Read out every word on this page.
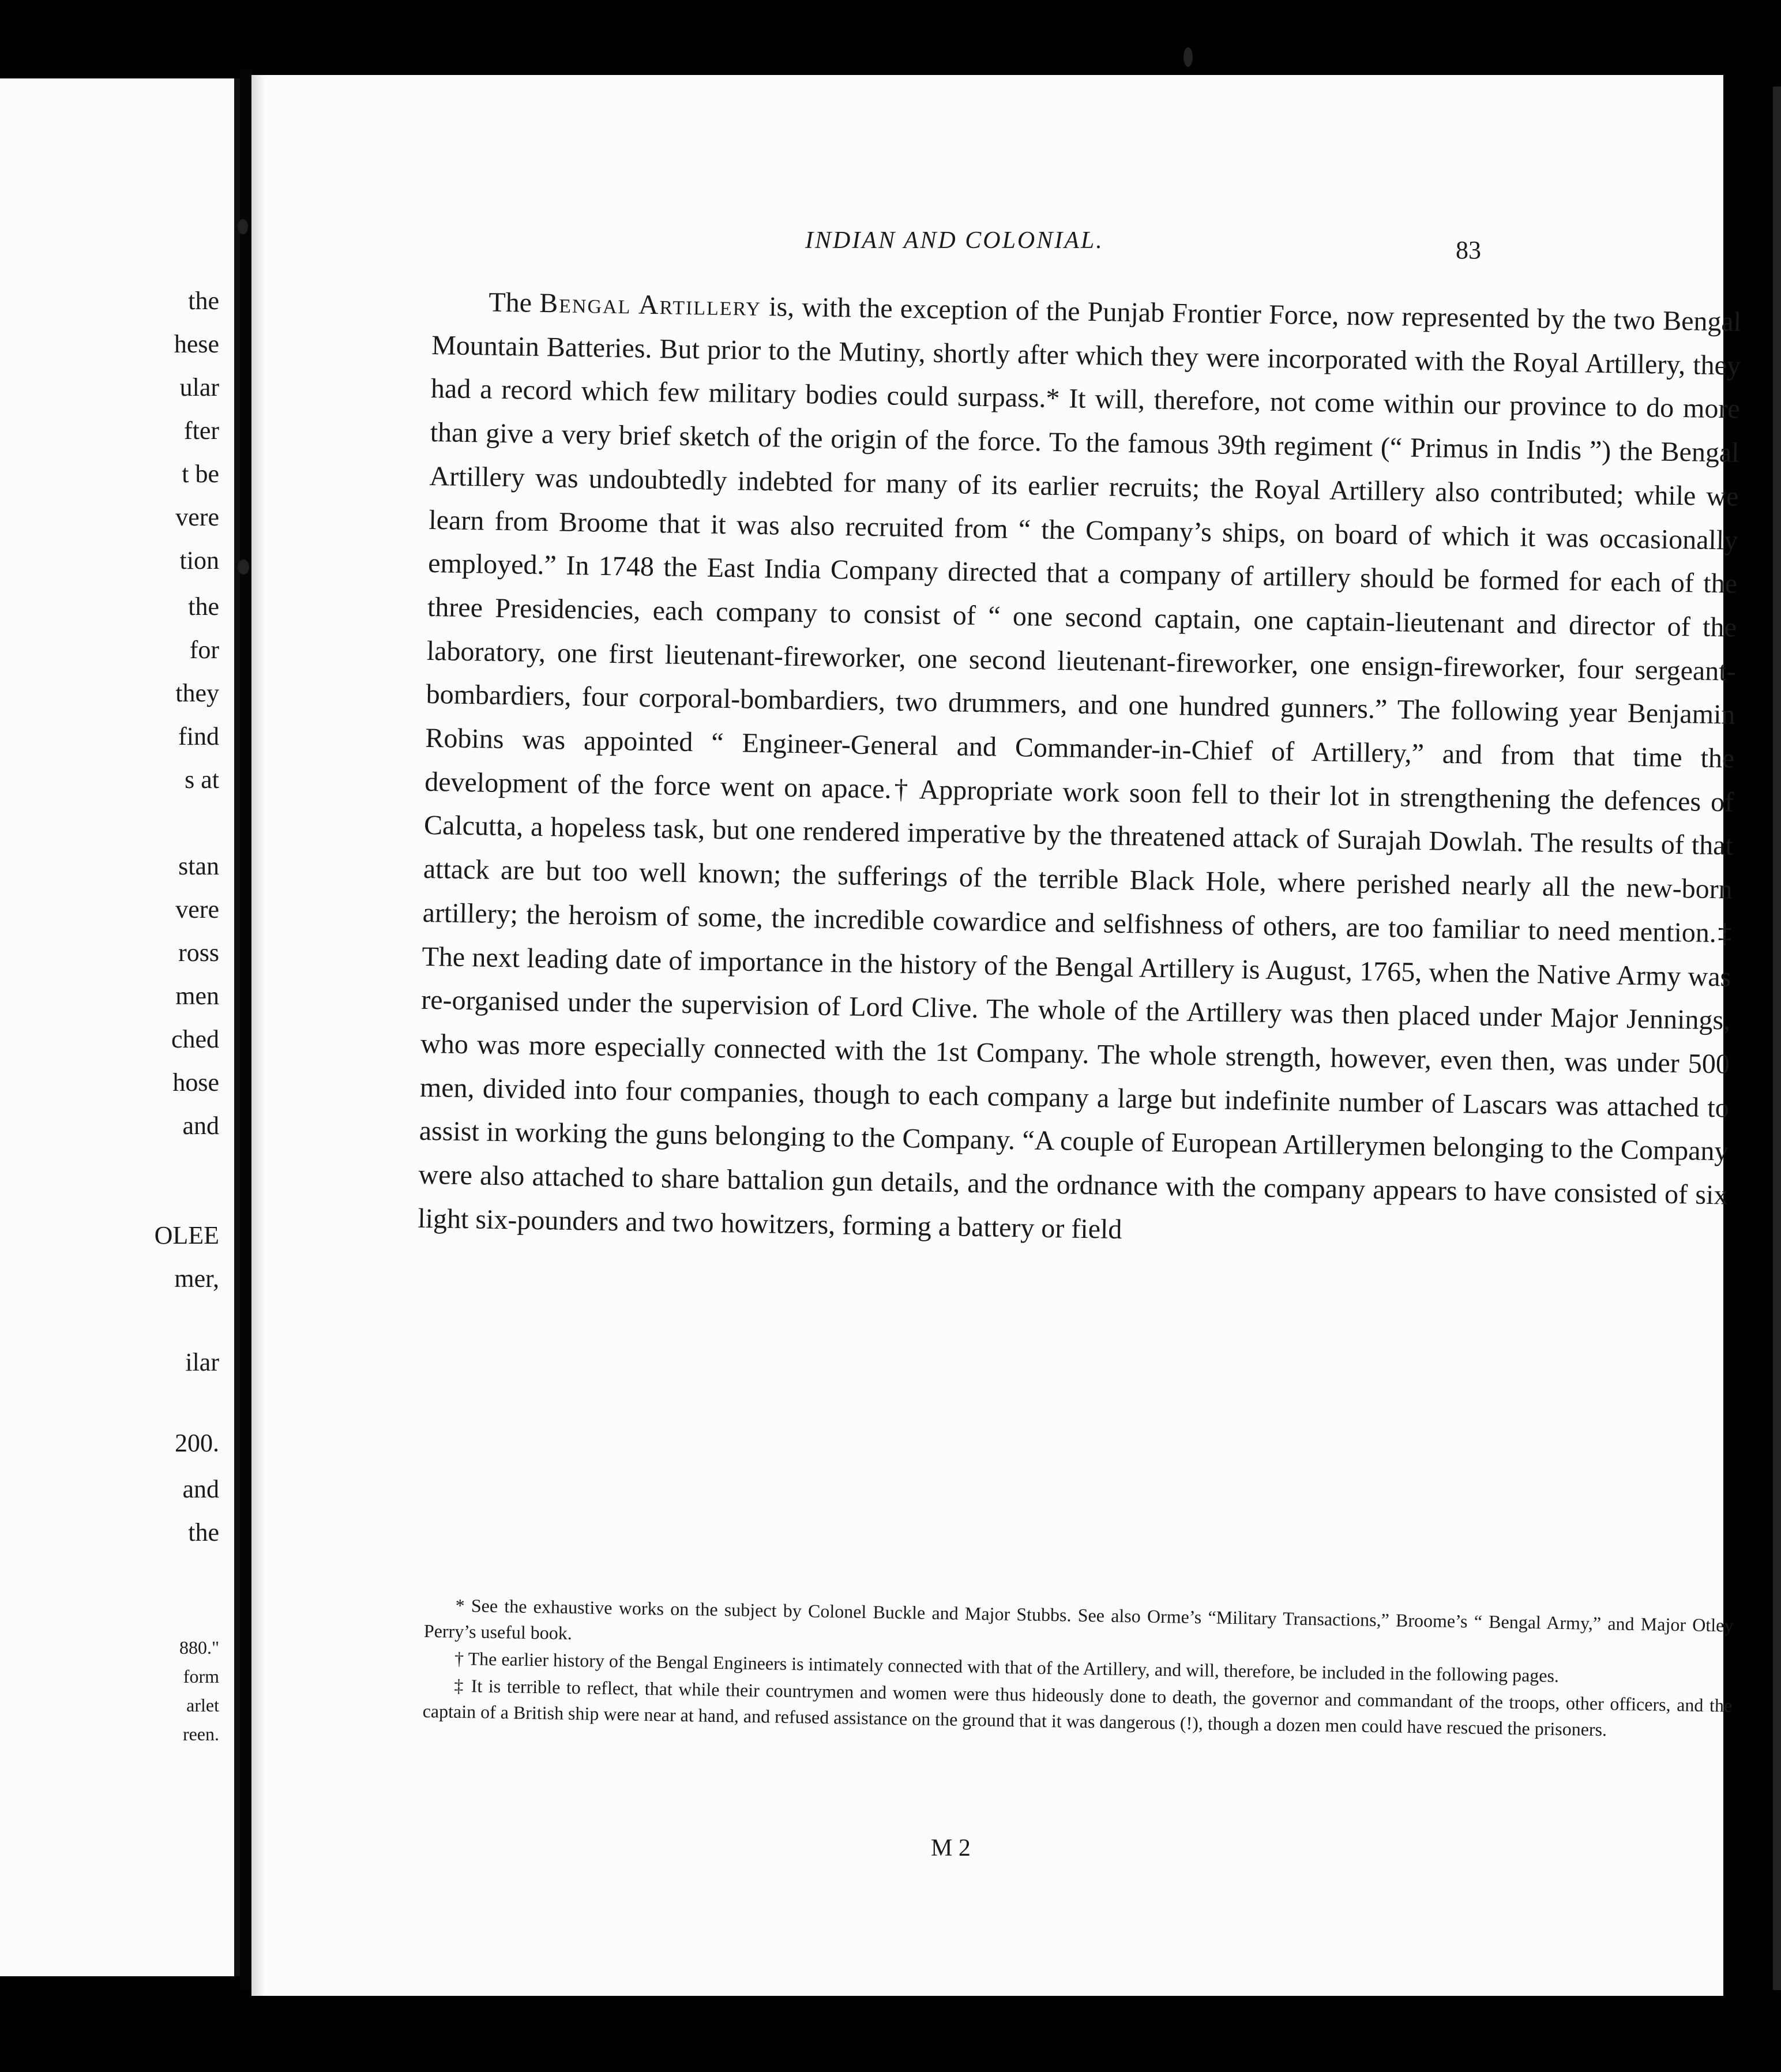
the
hese
ular
fter
t be
vere
tion
the
for
they
find
s at
stan
vere
ross
men
ched
hose
and
OLEE
mer,
ilar
200.
and
the
880."
form
arlet
reen.
INDIAN AND COLONIAL.	83

The Bengal Artillery is, with the exception of the Punjab Frontier Force, now represented by the two Bengal Mountain Batteries. But prior to the Mutiny, shortly after which they were incorporated with the Royal Artillery, they had a record which few military bodies could surpass.* It will, therefore, not come within our province to do more than give a very brief sketch of the origin of the force. To the famous 39th regiment (“ Primus in Indis ”) the Bengal Artillery was undoubtedly indebted for many of its earlier recruits; the Royal Artillery also contributed; while we learn from Broome that it was also recruited from “ the Company’s ships, on board of which it was occasionally employed.” In 1748 the East India Company directed that a company of artillery should be formed for each of the three Presidencies, each company to consist of “ one second captain, one captain-lieutenant and director of the laboratory, one first lieutenant-fireworker, one second lieutenant-fireworker, one ensign-fireworker, four sergeant-bombardiers, four corporal-bombardiers, two drummers, and one hundred gunners.” The following year Benjamin Robins was appointed “ Engineer-General and Commander-in-Chief of Artillery,” and from that time the development of the force went on apace.† Appropriate work soon fell to their lot in strengthening the defences of Calcutta, a hopeless task, but one rendered imperative by the threatened attack of Surajah Dowlah. The results of that attack are but too well known; the sufferings of the terrible Black Hole, where perished nearly all the new-born artillery; the heroism of some, the incredible cowardice and selfishness of others, are too familiar to need mention.‡ The next leading date of importance in the history of the Bengal Artillery is August, 1765, when the Native Army was re-organised under the supervision of Lord Clive. The whole of the Artillery was then placed under Major Jennings, who was more especially connected with the 1st Company. The whole strength, however, even then, was under 500 men, divided into four companies, though to each company a large but indefinite number of Lascars was attached to assist in working the guns belonging to the Company. “A couple of European Artillerymen belonging to the Company were also attached to share battalion gun details, and the ordnance with the company appears to have consisted of six light six-pounders and two howitzers, forming a battery or field

* See the exhaustive works on the subject by Colonel Buckle and Major Stubbs. See also Orme’s “Military Transactions,” Broome’s “ Bengal Army,” and Major Otley Perry’s useful book.

† The earlier history of the Bengal Engineers is intimately connected with that of the Artillery, and will, therefore, be included in the following pages.

‡ It is terrible to reflect, that while their countrymen and women were thus hideously done to death, the governor and commandant of the troops, other officers, and the captain of a British ship were near at hand, and refused assistance on the ground that it was dangerous (!), though a dozen men could have rescued the prisoners.

M 2
